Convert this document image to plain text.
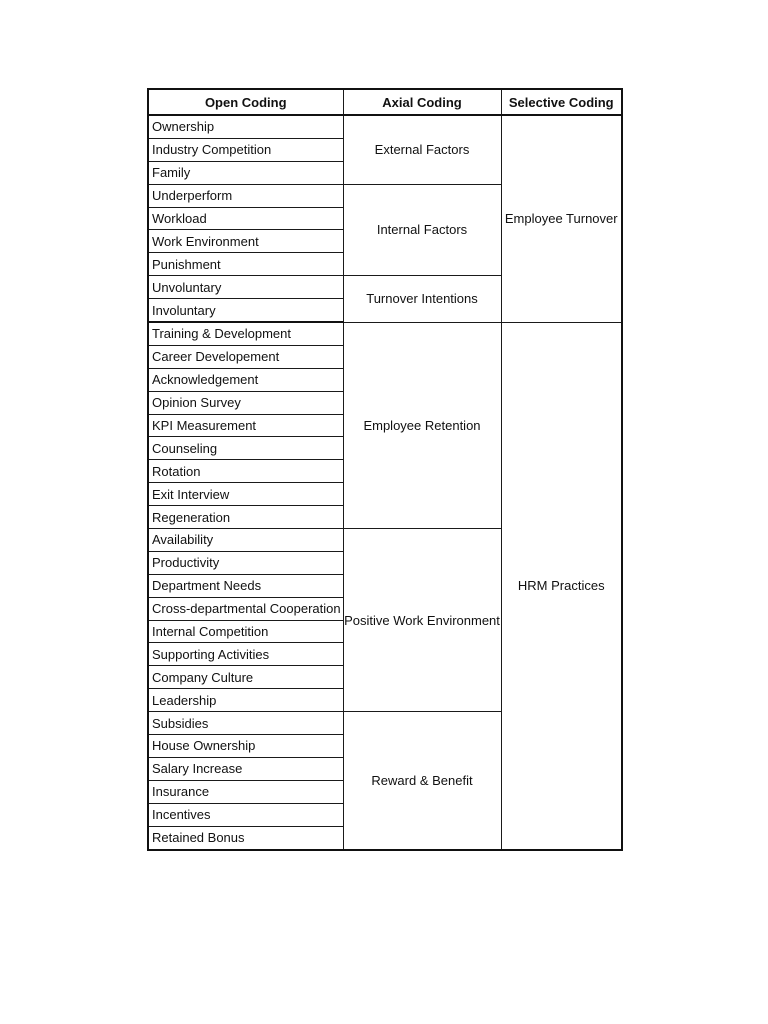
Open Coding	Axial Coding	Selective Coding
Ownership	External Factors	Employee Turnover
Industry Competition		
Family		
Underperform	Internal Factors	
Workload		
Work Environment		
Punishment		
Unvoluntary	Turnover Intentions	
Involuntary		
Training & Development	Employee Retention	HRM Practices
Career Developement		
Acknowledgement		
Opinion Survey		
KPI Measurement		
Counseling		
Rotation		
Exit Interview		
Regeneration		
Availability	Positive Work Environment	
Productivity		
Department Needs		
Cross-departmental Cooperation		
Internal Competition		
Supporting Activities		
Company Culture		
Leadership		
Subsidies	Reward & Benefit	
House Ownership		
Salary Increase		
Insurance		
Incentives		
Retained Bonus		
